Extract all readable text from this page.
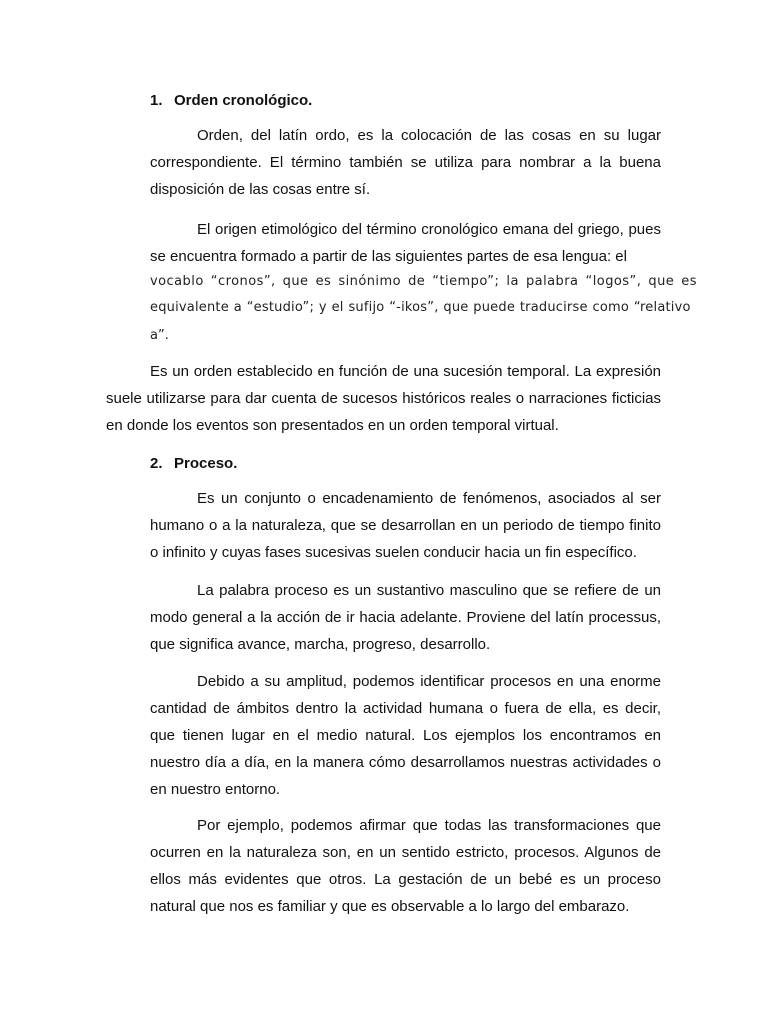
1. Orden cronológico.

Orden, del latín ordo, es la colocación de las cosas en su lugar correspondiente. El término también se utiliza para nombrar a la buena disposición de las cosas entre sí.

El origen etimológico del término cronológico emana del griego, pues se encuentra formado a partir de las siguientes partes de esa lengua: el

vocablo “cronos”, que es sinónimo de “tiempo”; la palabra “logos”, que es

equivalente a “estudio”; y el sufijo “-ikos”, que puede traducirse como “relativo

a”.

Es un orden establecido en función de una sucesión temporal. La expresión suele utilizarse para dar cuenta de sucesos históricos reales o narraciones ficticias en donde los eventos son presentados en un orden temporal virtual.

2. Proceso.

Es un conjunto o encadenamiento de fenómenos, asociados al ser humano o a la naturaleza, que se desarrollan en un periodo de tiempo finito o infinito y cuyas fases sucesivas suelen conducir hacia un fin específico.

La palabra proceso es un sustantivo masculino que se refiere de un modo general a la acción de ir hacia adelante. Proviene del latín processus, que significa avance, marcha, progreso, desarrollo.

Debido a su amplitud, podemos identificar procesos en una enorme cantidad de ámbitos dentro la actividad humana o fuera de ella, es decir, que tienen lugar en el medio natural. Los ejemplos los encontramos en nuestro día a día, en la manera cómo desarrollamos nuestras actividades o en nuestro entorno.

Por ejemplo, podemos afirmar que todas las transformaciones que ocurren en la naturaleza son, en un sentido estricto, procesos. Algunos de ellos más evidentes que otros. La gestación de un bebé es un proceso natural que nos es familiar y que es observable a lo largo del embarazo.
